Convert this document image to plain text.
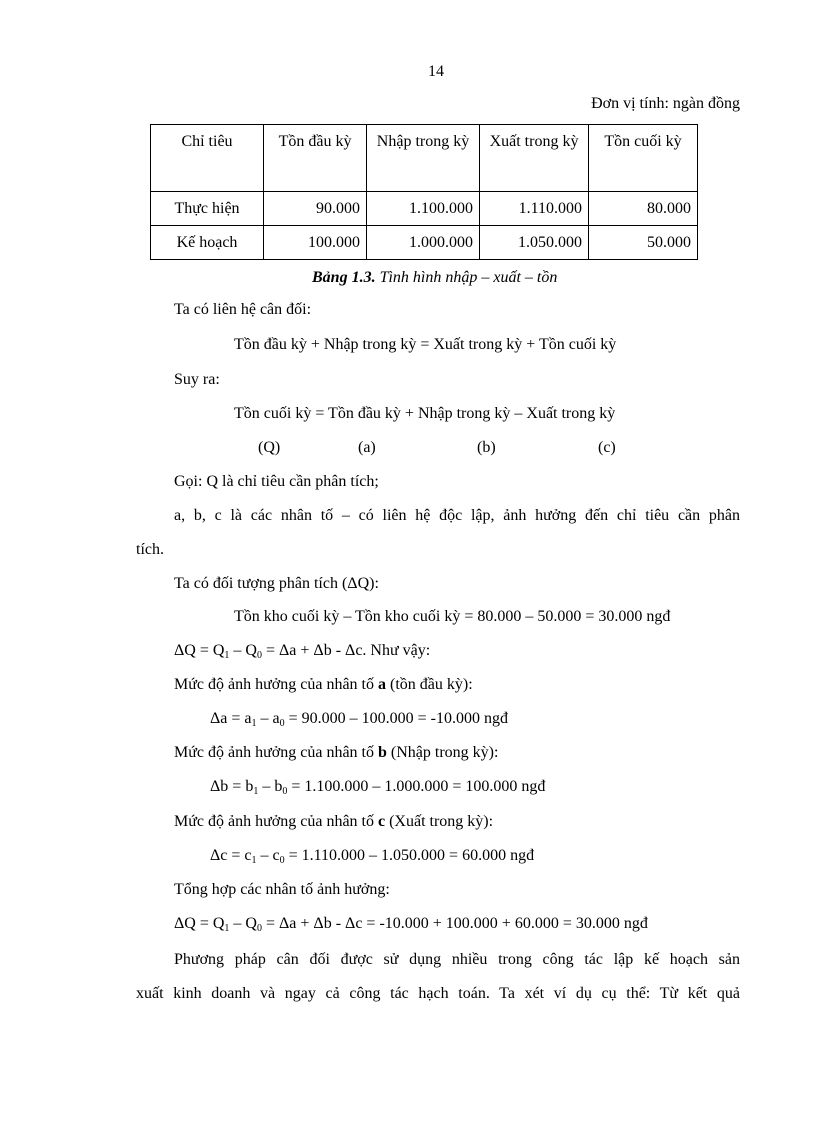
14
Đơn vị tính: ngàn đồng
Chỉ tiêu	Tồn đầu kỳ	Nhập trong kỳ	Xuất trong kỳ	Tồn cuối kỳ
Thực hiện	90.000	1.100.000	1.110.000	80.000
Kế hoạch	100.000	1.000.000	1.050.000	50.000
Bảng 1.3. Tình hình nhập – xuất – tồn
Ta có liên hệ cân đối:
Tồn đầu kỳ + Nhập trong kỳ = Xuất trong kỳ + Tồn cuối kỳ
Suy ra:
Tồn cuối kỳ = Tồn đầu kỳ + Nhập trong kỳ – Xuất trong kỳ
(Q)	(a)	(b)	(c)
Gọi: Q là chỉ tiêu cần phân tích;
a, b, c là các nhân tố – có liên hệ độc lập, ảnh hưởng đến chỉ tiêu cần phân
tích.
Ta có đối tượng phân tích (ΔQ):
Tồn kho cuối kỳ – Tồn kho cuối kỳ = 80.000 – 50.000 = 30.000 ngđ
$\Delta Q = Q_1 - Q_0 = \Delta a + \Delta b - \Delta c$. Như vậy:
Mức độ ảnh hưởng của nhân tố a (tồn đầu kỳ):
$\Delta a = a_1 - a_0 = 90.000 - 100.000 = -10.000$ ngđ
Mức độ ảnh hưởng của nhân tố b (Nhập trong kỳ):
$\Delta b = b_1 - b_0 = 1.100.000 - 1.000.000 = 100.000$ ngđ
Mức độ ảnh hưởng của nhân tố c (Xuất trong kỳ):
$\Delta c = c_1 - c_0 = 1.110.000 - 1.050.000 = 60.000$ ngđ
Tổng hợp các nhân tố ảnh hưởng:
$\Delta Q = Q_1 - Q_0 = \Delta a + \Delta b - \Delta c = -10.000 + 100.000 + 60.000 = 30.000$ ngđ
Phương pháp cân đối được sử dụng nhiều trong công tác lập kế hoạch sản
xuất kinh doanh và ngay cả công tác hạch toán. Ta xét ví dụ cụ thể: Từ kết quả
